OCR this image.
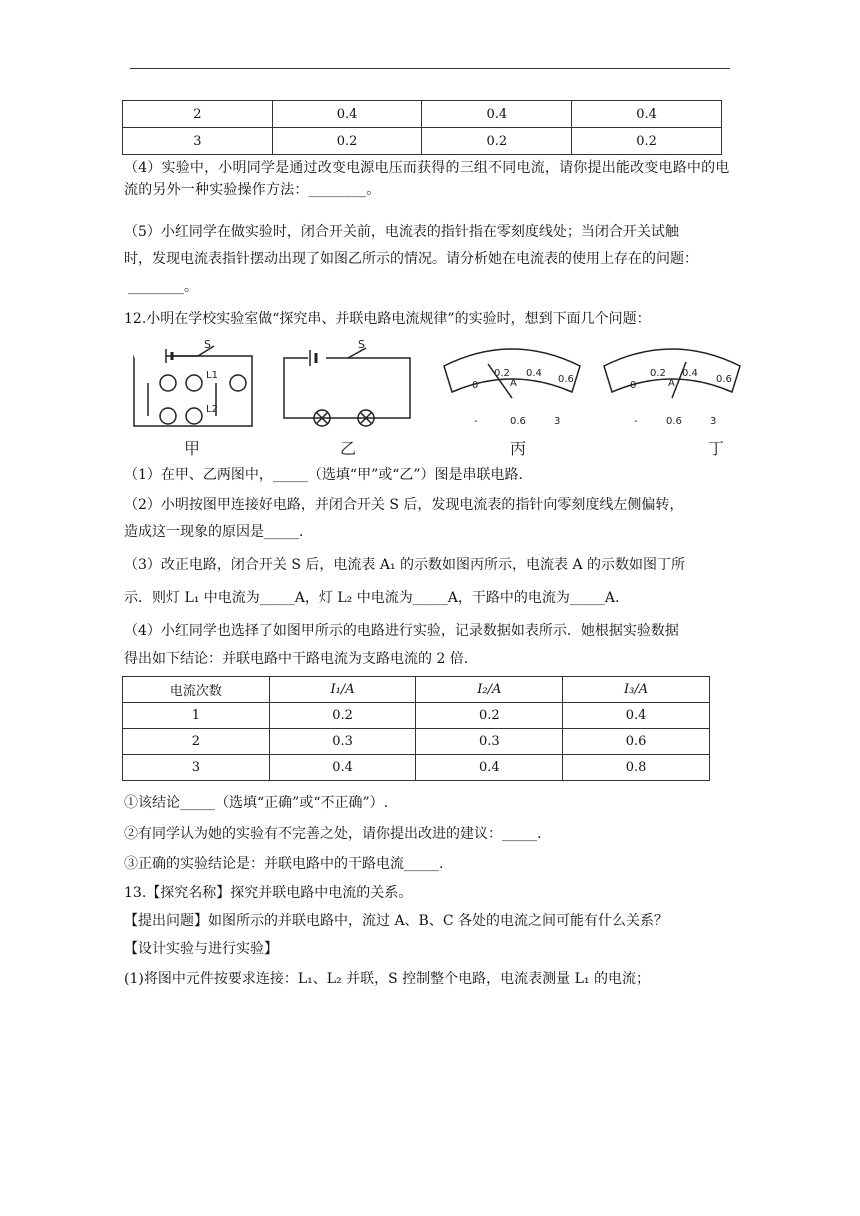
2	0.4	0.4	0.4
3	0.2	0.2	0.2
（4）实验中，小明同学是通过改变电源电压而获得的三组不同电流，请你提出能改变电路中的电流的另外一种实验操作方法：________。
（5）小红同学在做实验时，闭合开关前，电流表的指针指在零刻度线处；当闭合开关试触
时，发现电流表指针摆动出现了如图乙所示的情况。请分析她在电流表的使用上存在的问题：
________。
12.小明在学校实验室做“探究串、并联电路电流规律”的实验时，想到下面几个问题：
S
L1
L2
甲
S
乙
0
0.2 0.4
0.6
A
-	0.6	3
丙
0
0.2 0.4
0.6
A
-	0.6	3
丁
（1）在甲、乙两图中，_____（选填“甲”或“乙”）图是串联电路.
（2）小明按图甲连接好电路，并闭合开关 S 后，发现电流表的指针向零刻度线左侧偏转，
造成这一现象的原因是_____.
（3）改正电路，闭合开关 S 后，电流表 A₁ 的示数如图丙所示，电流表 A 的示数如图丁所
示．则灯 L₁ 中电流为_____A，灯 L₂ 中电流为_____A，干路中的电流为_____A.
（4）小红同学也选择了如图甲所示的电路进行实验，记录数据如表所示．她根据实验数据
得出如下结论：并联电路中干路电流为支路电流的 2 倍．
电流次数	I₁/A	I₂/A	I₃/A
1	0.2	0.2	0.4
2	0.3	0.3	0.6
3	0.4	0.4	0.8
①该结论_____（选填“正确”或“不正确”）.
②有同学认为她的实验有不完善之处，请你提出改进的建议：_____.
③正确的实验结论是：并联电路中的干路电流_____.
13.【探究名称】探究并联电路中电流的关系。
【提出问题】如图所示的并联电路中，流过 A、B、C 各处的电流之间可能有什么关系？
【设计实验与进行实验】
(1)将图中元件按要求连接：L₁、L₂ 并联，S 控制整个电路，电流表测量 L₁ 的电流；
